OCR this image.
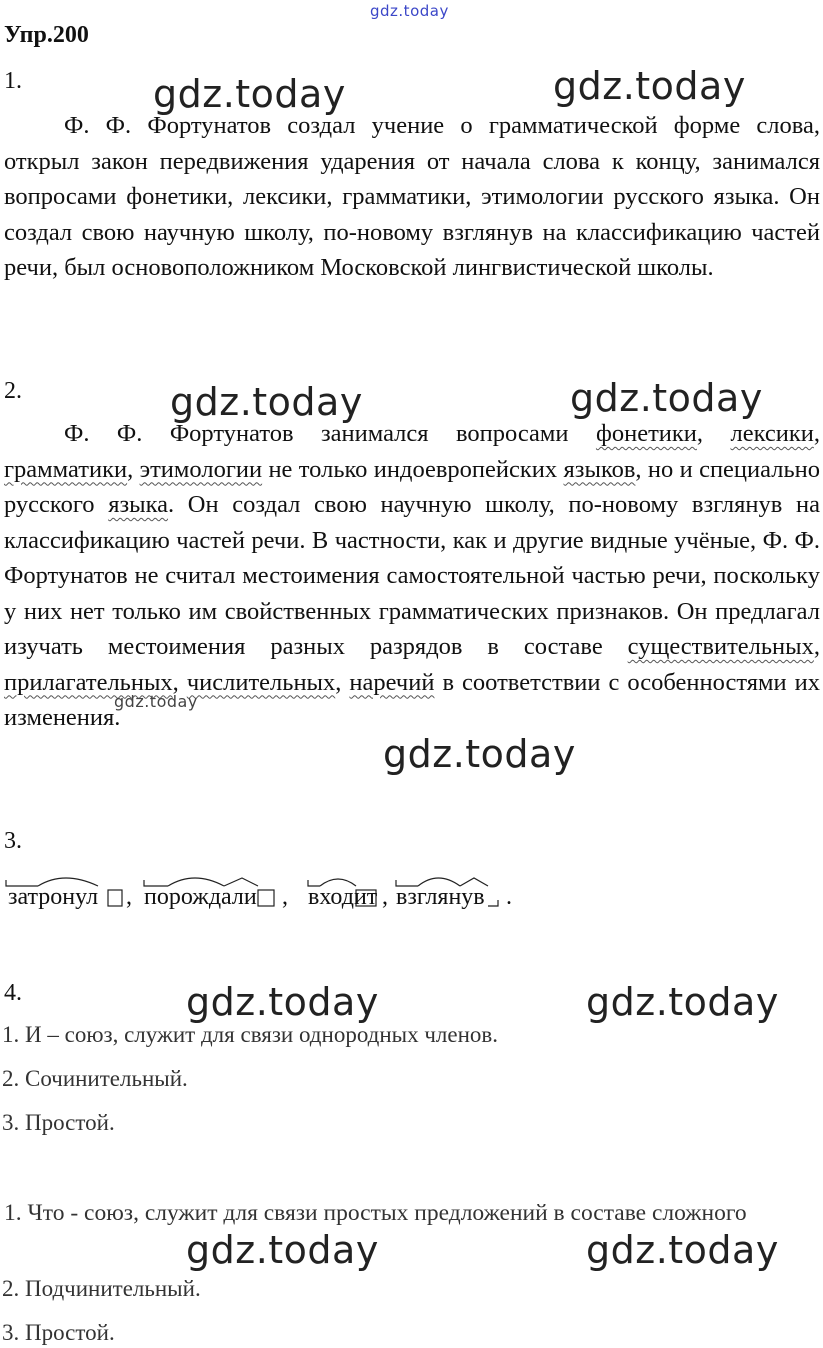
gdz.today
Упр.200
1.	gdz.today	gdz.today

Ф. Ф. Фортунатов создал учение о грамматической форме слова, открыл закон передвижения ударения от начала слова к концу, занимался вопросами фонетики, лексики, грамматики, этимологии русского языка. Он создал свою научную школу, по-новому взглянув на классификацию частей речи, был основоположником Московской лингвистической школы.

2.	gdz.today	gdz.today

Ф. Ф. Фортунатов занимался вопросами фонетики, лексики, грамматики, этимологии не только индоевропейских языков, но и специально русского языка. Он создал свою научную школу, по-новому взглянув на классификацию частей речи. В частности, как и другие видные учёные, Ф. Ф. Фортунатов не считал местоимения самостоятельной частью речи, поскольку у них нет только им свойственных грамматических признаков. Он предлагал изучать местоимения разных разрядов в составе существительных, прилагательных, числительных, наречий в соответствии с особенностями их изменения.

gdz.today
gdz.today
3.
затронул , порождали , входит , взглянув .
4.	gdz.today	gdz.today
1. И – союз, служит для связи однородных членов.
2. Сочинительный.
3. Простой.

1. Что - союз, служит для связи простых предложений в составе сложного

gdz.today	gdz.today
2. Подчинительный.
3. Простой.
